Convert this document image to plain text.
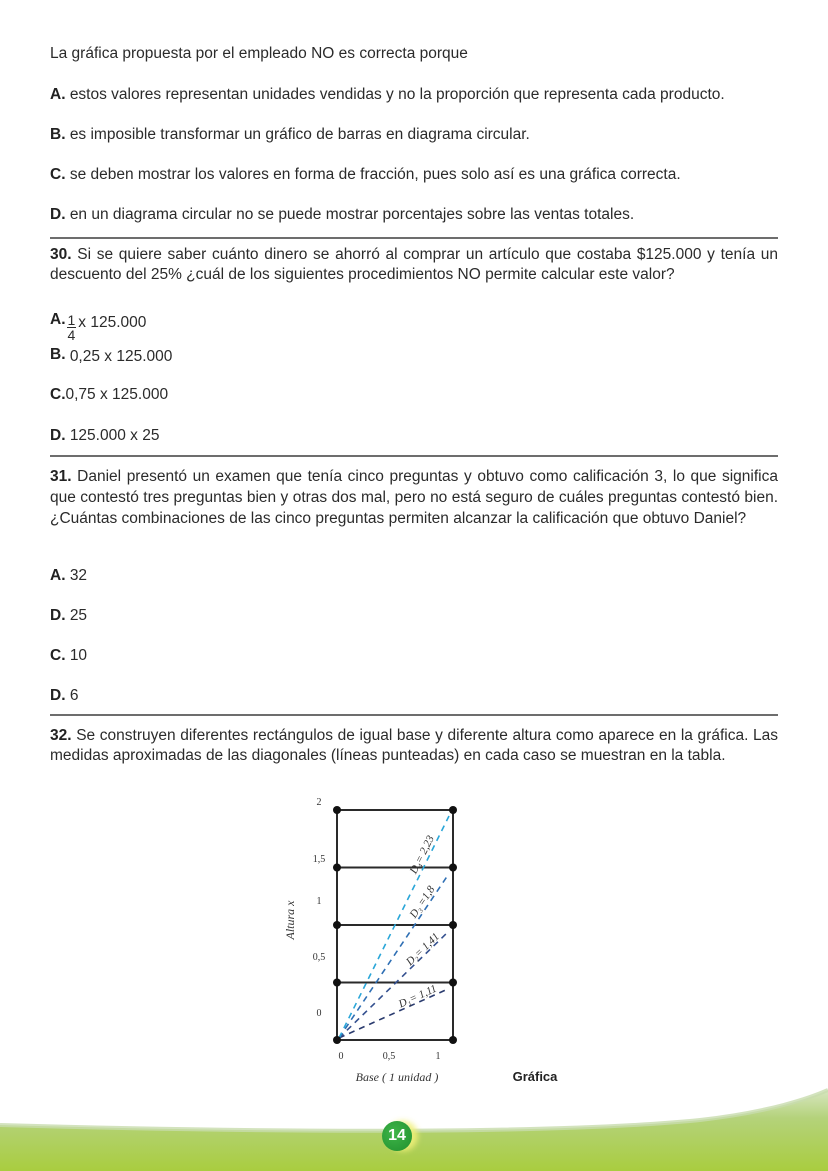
La gráfica propuesta por el empleado NO es correcta porque

A. estos valores representan unidades vendidas y no la proporción que representa cada producto.

B. es imposible transformar un gráfico de barras en diagrama circular.

C. se deben mostrar los valores en forma de fracción, pues solo así es una gráfica correcta.

D. en un diagrama circular no se puede mostrar porcentajes sobre las ventas totales.

30. Si se quiere saber cuánto dinero se ahorró al comprar un artículo que costaba $125.000 y tenía un descuento del 25% ¿cuál de los siguientes procedimientos NO permite calcular este valor?

A. $\frac{1}{4}$ x 125.000

B. 0,25 x 125.000

C.0,75 x 125.000

D. 125.000 x 25

31. Daniel presentó un examen que tenía cinco preguntas y obtuvo como calificación 3, lo que significa que contestó tres preguntas bien y otras dos mal, pero no está seguro de cuáles preguntas contestó bien. ¿Cuántas combinaciones de las cinco preguntas permiten alcanzar la calificación que obtuvo Daniel?

A. 32

D. 25

C. 10

D. 6

32. Se construyen diferentes rectángulos de igual base y diferente altura como aparece en la gráfica. Las medidas aproximadas de las diagonales (líneas punteadas) en cada caso se muestran en la tabla.

D₁= 1,11
D₂= 1,41
D₃ =1,8
D₄= 2,23
2
1,5
1
0,5
0
0	0,5	1
Altura x
Base ( 1 unidad )	Gráfica
14
